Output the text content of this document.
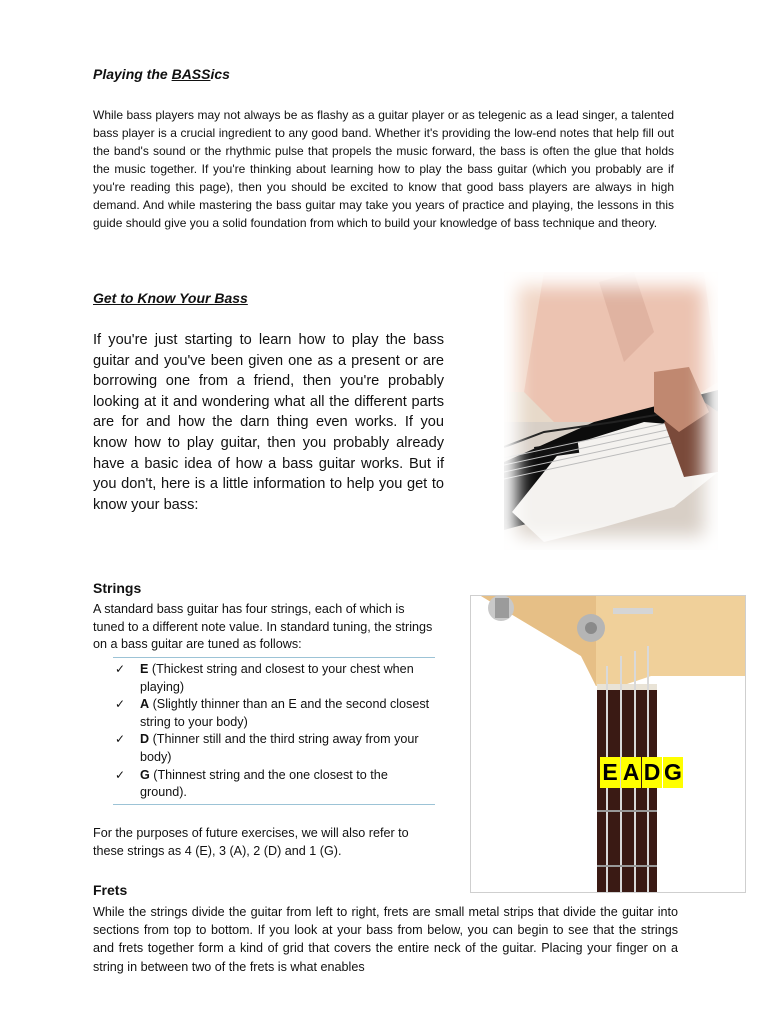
Playing the BASSics
While bass players may not always be as flashy as a guitar player or as telegenic as a lead singer, a talented bass player is a crucial ingredient to any good band. Whether it's providing the low-end notes that help fill out the band's sound or the rhythmic pulse that propels the music forward, the bass is often the glue that holds the music together. If you're thinking about learning how to play the bass guitar (which you probably are if you're reading this page), then you should be excited to know that good bass players are always in high demand. And while mastering the bass guitar may take you years of practice and playing, the lessons in this guide should give you a solid foundation from which to build your knowledge of bass technique and theory.
Get to Know Your Bass
If you're just starting to learn how to play the bass guitar and you've been given one as a present or are borrowing one from a friend, then you're probably looking at it and wondering what all the different parts are for and how the darn thing even works. If you know how to play guitar, then you probably already have a basic idea of how a bass guitar works. But if you don't, here is a little information to help you get to know your bass:
Strings
A standard bass guitar has four strings, each of which is tuned to a different note value. In standard tuning, the strings on a bass guitar are tuned as follows:
✓ E (Thickest string and closest to your chest when playing)
✓ A (Slightly thinner than an E and the second closest string to your body)
✓ D (Thinner still and the third string away from your body)
✓ G (Thinnest string and the one closest to the ground).
For the purposes of future exercises, we will also refer to these strings as 4 (E), 3 (A), 2 (D) and 1 (G).
E A D G
Frets
While the strings divide the guitar from left to right, frets are small metal strips that divide the guitar into sections from top to bottom. If you look at your bass from below, you can begin to see that the strings and frets together form a kind of grid that covers the entire neck of the guitar. Placing your finger on a string in between two of the frets is what enables
